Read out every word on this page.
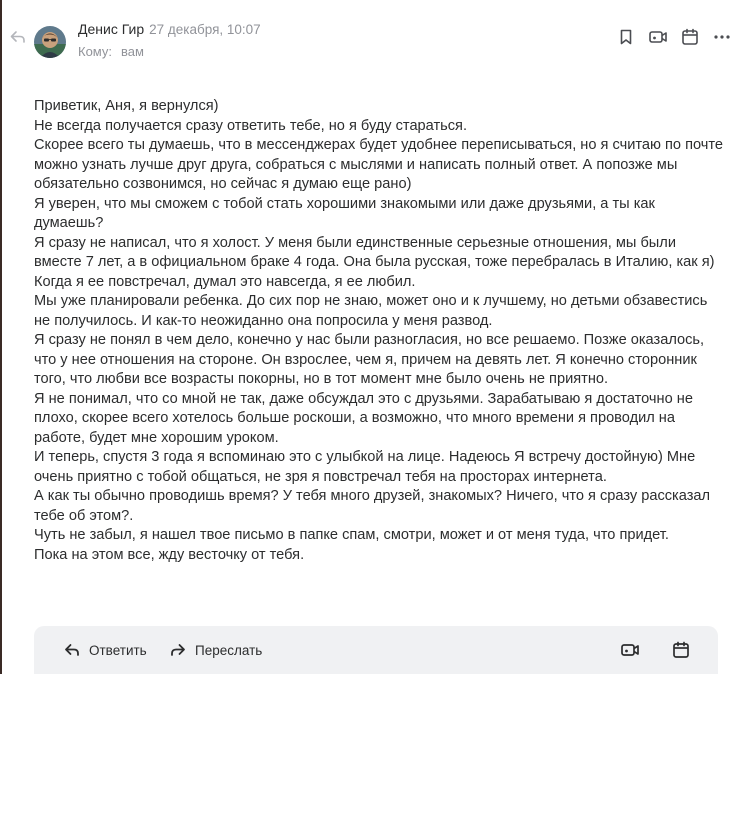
Денис Гир 27 декабря, 10:07
Кому: вам

Приветик, Аня, я вернулся)

Не всегда получается сразу ответить тебе, но я буду стараться.

Скорее всего ты думаешь, что в мессенджерах будет удобнее переписываться, но я считаю по почте можно узнать лучше друг друга, собраться с мыслями и написать полный ответ. А попозже мы обязательно созвонимся, но сейчас я думаю еще рано)

Я уверен, что мы сможем с тобой стать хорошими знакомыми или даже друзьями, а ты как думаешь?

Я сразу не написал, что я холост. У меня были единственные серьезные отношения, мы были вместе 7 лет, а в официальном браке 4 года. Она была русская, тоже перебралась в Италию, как я)

Когда я ее повстречал, думал это навсегда, я ее любил.

Мы уже планировали ребенка. До сих пор не знаю, может оно и к лучшему, но детьми обзавестись не получилось. И как-то неожиданно она попросила у меня развод.

Я сразу не понял в чем дело, конечно у нас были разногласия, но все решаемо. Позже оказалось, что у нее отношения на стороне. Он взрослее, чем я, причем на девять лет. Я конечно сторонник того, что любви все возрасты покорны, но в тот момент мне было очень не приятно.

Я не понимал, что со мной не так, даже обсуждал это с друзьями. Зарабатываю я достаточно не плохо, скорее всего хотелось больше роскоши, а возможно, что много времени я проводил на работе, будет мне хорошим уроком.

И теперь, спустя 3 года я вспоминаю это с улыбкой на лице. Надеюсь Я встречу достойную) Мне очень приятно с тобой общаться, не зря я повстречал тебя на просторах интернета.

А как ты обычно проводишь время? У тебя много друзей, знакомых? Ничего, что я сразу рассказал тебе об этом?.

Чуть не забыл, я нашел твое письмо в папке спам, смотри, может и от меня туда, что придет.

Пока на этом все, жду весточку от тебя.

Ответить	Переслать
